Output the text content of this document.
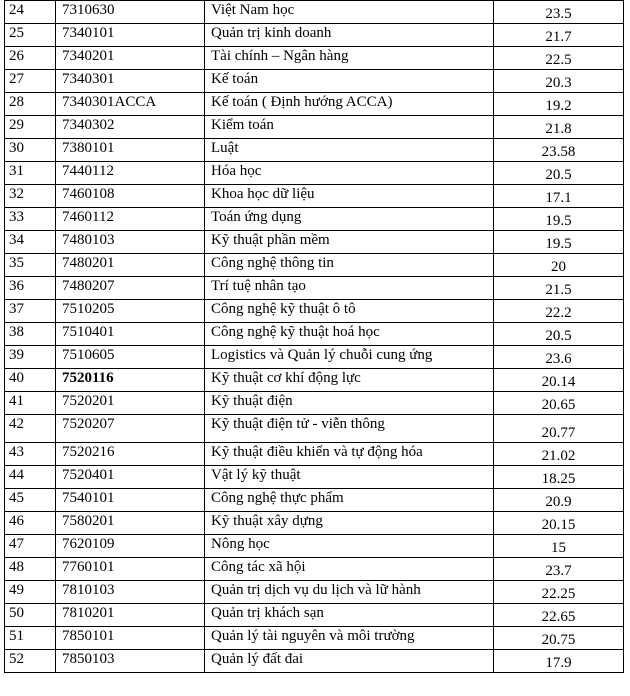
24	7310630	Việt Nam học	23.5
25	7340101	Quản trị kinh doanh	21.7
26	7340201	Tài chính – Ngân hàng	22.5
27	7340301	Kế toán	20.3
28	7340301ACCA	Kế toán ( Định hướng ACCA)	19.2
29	7340302	Kiểm toán	21.8
30	7380101	Luật	23.58
31	7440112	Hóa học	20.5
32	7460108	Khoa học dữ liệu	17.1
33	7460112	Toán ứng dụng	19.5
34	7480103	Kỹ thuật phần mềm	19.5
35	7480201	Công nghệ thông tin	20
36	7480207	Trí tuệ nhân tạo	21.5
37	7510205	Công nghệ kỹ thuật ô tô	22.2
38	7510401	Công nghệ kỹ thuật hoá học	20.5
39	7510605	Logistics và Quản lý chuỗi cung ứng	23.6
40	7520116	Kỹ thuật cơ khí động lực	20.14
41	7520201	Kỹ thuật điện	20.65
42	7520207	Kỹ thuật điện tử - viễn thông	20.77
43	7520216	Kỹ thuật điều khiển và tự động hóa	21.02
44	7520401	Vật lý kỹ thuật	18.25
45	7540101	Công nghệ thực phẩm	20.9
46	7580201	Kỹ thuật xây dựng	20.15
47	7620109	Nông học	15
48	7760101	Công tác xã hội	23.7
49	7810103	Quản trị dịch vụ du lịch và lữ hành	22.25
50	7810201	Quản trị khách sạn	22.65
51	7850101	Quản lý tài nguyên và môi trường	20.75
52	7850103	Quản lý đất đai	17.9
